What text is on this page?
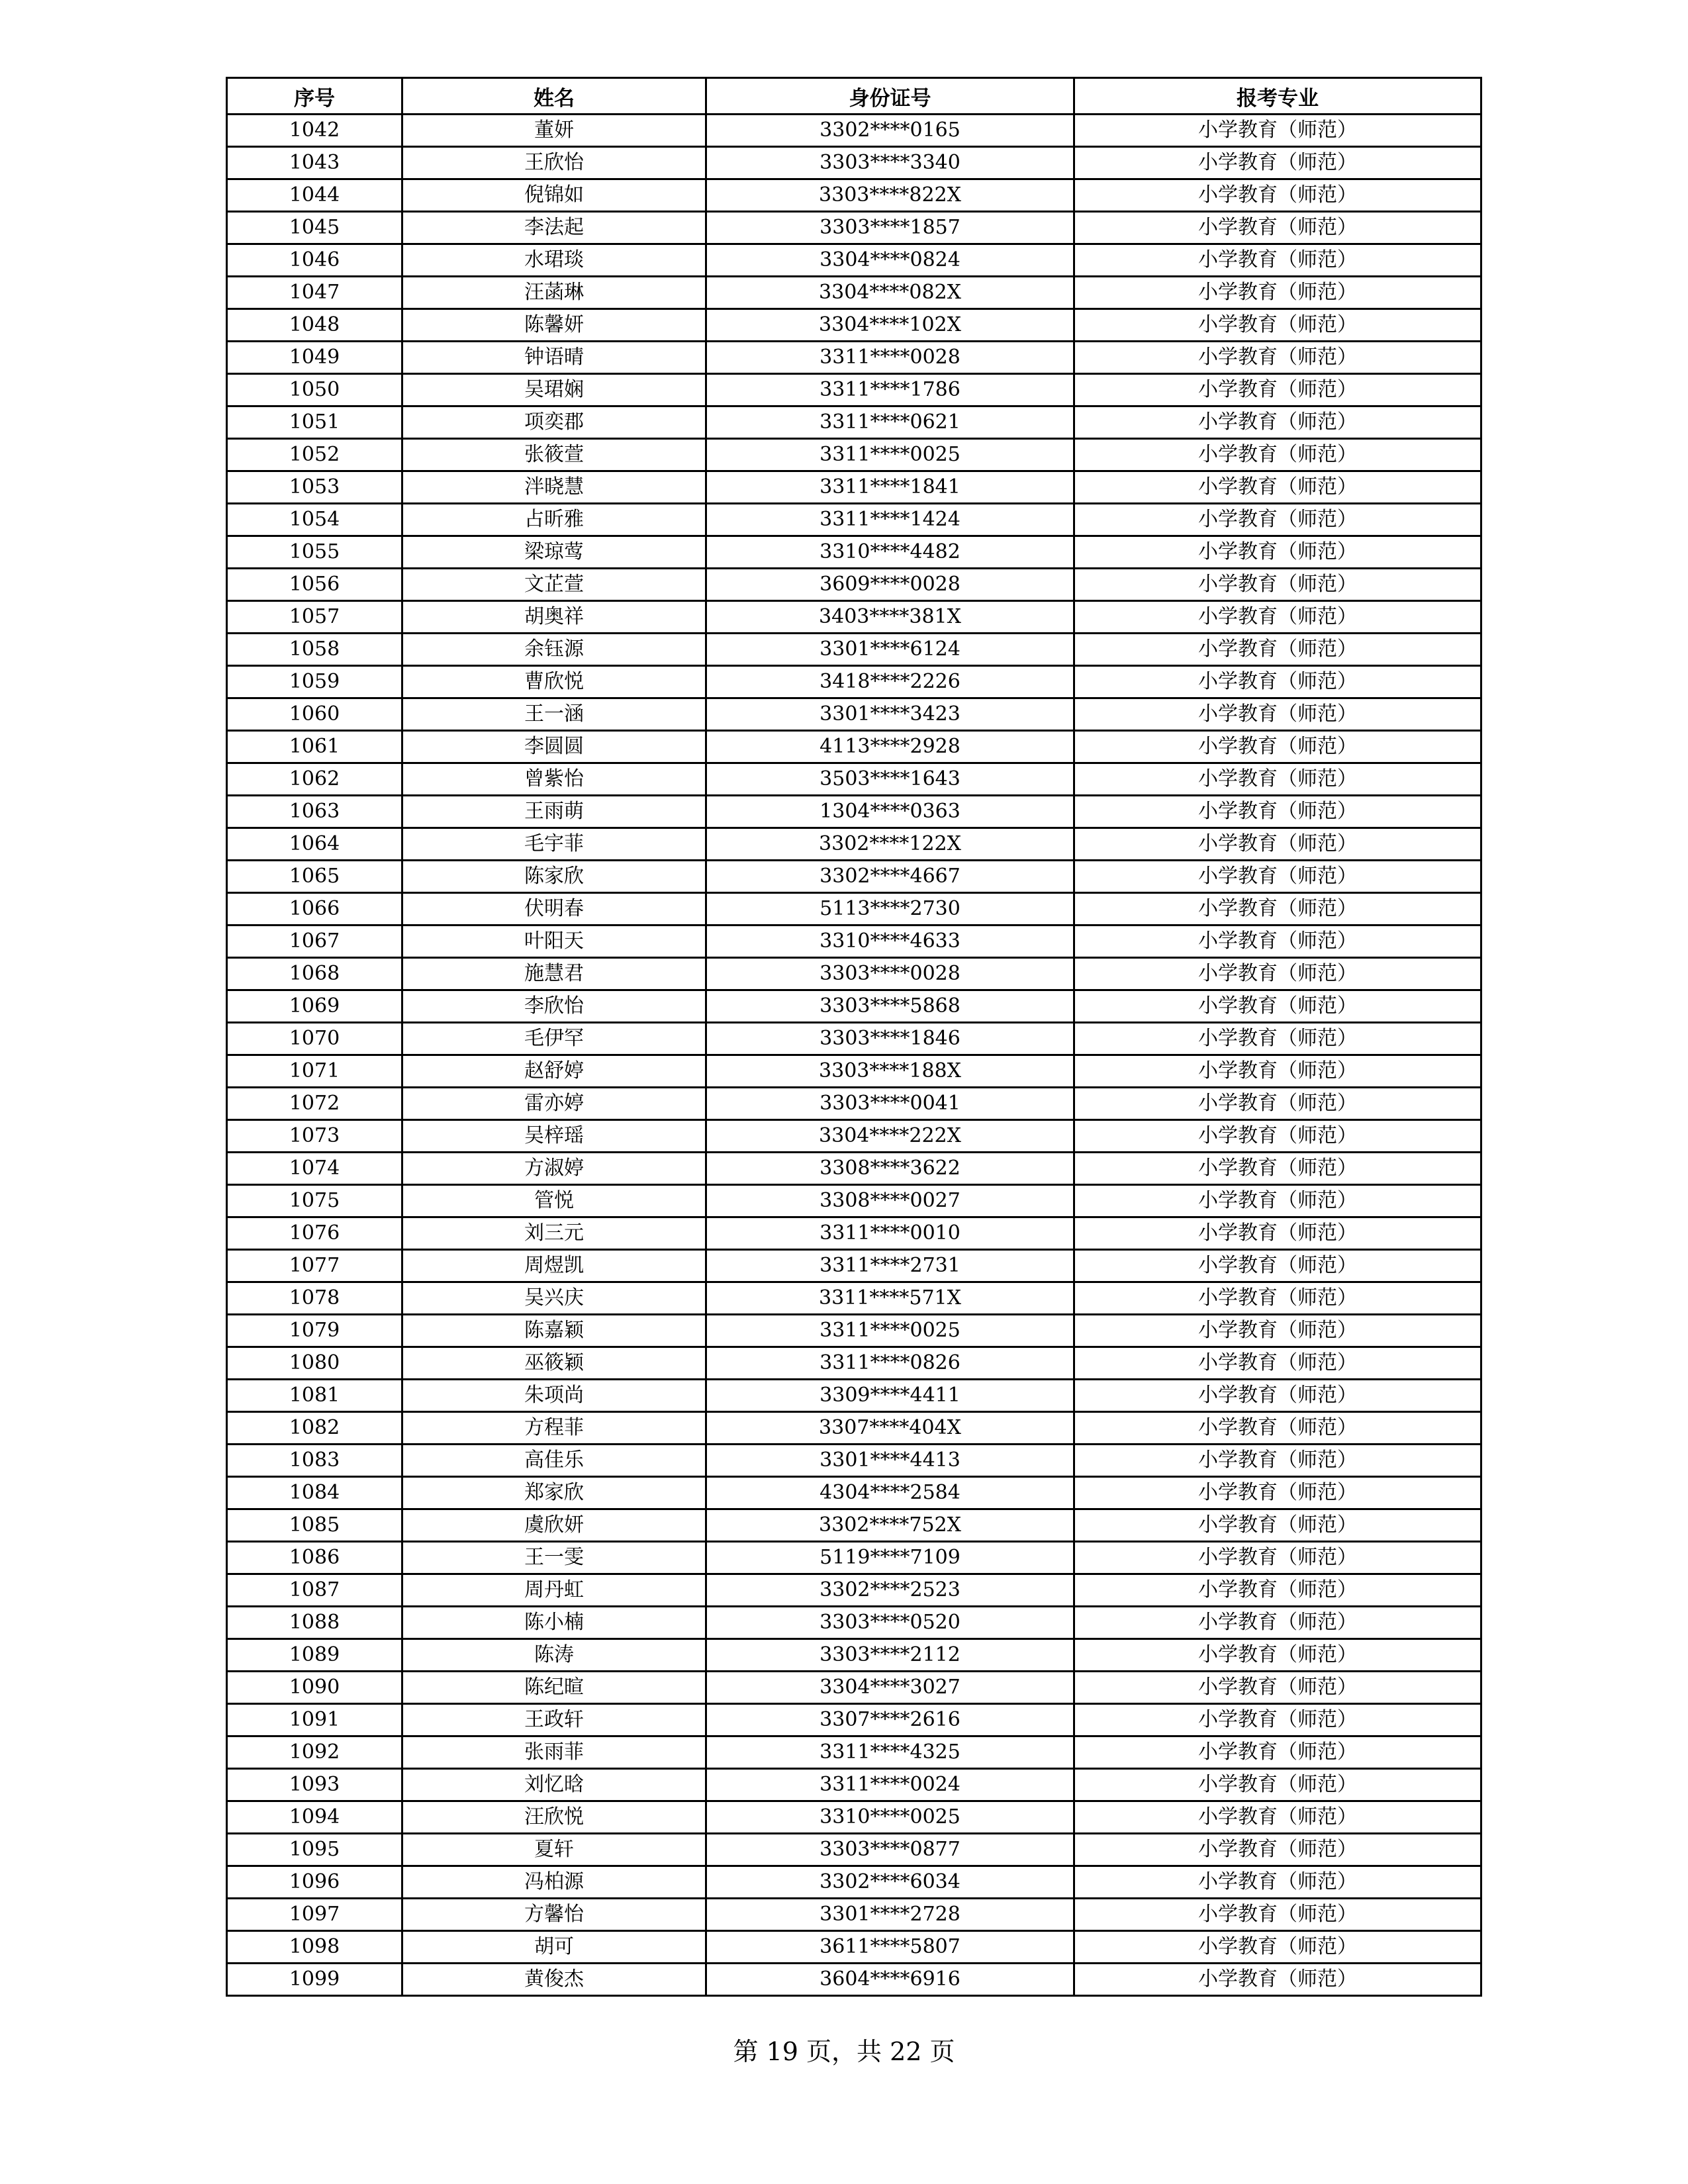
序号	姓名	身份证号	报考专业
1042	董妍	3302****0165	小学教育（师范）
1043	王欣怡	3303****3340	小学教育（师范）
1044	倪锦如	3303****822X	小学教育（师范）
1045	李法起	3303****1857	小学教育（师范）
1046	水珺琰	3304****0824	小学教育（师范）
1047	汪菡琳	3304****082X	小学教育（师范）
1048	陈馨妍	3304****102X	小学教育（师范）
1049	钟语晴	3311****0028	小学教育（师范）
1050	吴珺娴	3311****1786	小学教育（师范）
1051	项奕郡	3311****0621	小学教育（师范）
1052	张筱萱	3311****0025	小学教育（师范）
1053	泮晓慧	3311****1841	小学教育（师范）
1054	占昕雅	3311****1424	小学教育（师范）
1055	梁琼莺	3310****4482	小学教育（师范）
1056	文芷萱	3609****0028	小学教育（师范）
1057	胡奥祥	3403****381X	小学教育（师范）
1058	余钰源	3301****6124	小学教育（师范）
1059	曹欣悦	3418****2226	小学教育（师范）
1060	王一涵	3301****3423	小学教育（师范）
1061	李圆圆	4113****2928	小学教育（师范）
1062	曾紫怡	3503****1643	小学教育（师范）
1063	王雨萌	1304****0363	小学教育（师范）
1064	毛宇菲	3302****122X	小学教育（师范）
1065	陈家欣	3302****4667	小学教育（师范）
1066	伏明春	5113****2730	小学教育（师范）
1067	叶阳天	3310****4633	小学教育（师范）
1068	施慧君	3303****0028	小学教育（师范）
1069	李欣怡	3303****5868	小学教育（师范）
1070	毛伊罕	3303****1846	小学教育（师范）
1071	赵舒婷	3303****188X	小学教育（师范）
1072	雷亦婷	3303****0041	小学教育（师范）
1073	吴梓瑶	3304****222X	小学教育（师范）
1074	方淑婷	3308****3622	小学教育（师范）
1075	管悦	3308****0027	小学教育（师范）
1076	刘三元	3311****0010	小学教育（师范）
1077	周煜凯	3311****2731	小学教育（师范）
1078	吴兴庆	3311****571X	小学教育（师范）
1079	陈嘉颖	3311****0025	小学教育（师范）
1080	巫筱颖	3311****0826	小学教育（师范）
1081	朱项尚	3309****4411	小学教育（师范）
1082	方程菲	3307****404X	小学教育（师范）
1083	高佳乐	3301****4413	小学教育（师范）
1084	郑家欣	4304****2584	小学教育（师范）
1085	虞欣妍	3302****752X	小学教育（师范）
1086	王一雯	5119****7109	小学教育（师范）
1087	周丹虹	3302****2523	小学教育（师范）
1088	陈小楠	3303****0520	小学教育（师范）
1089	陈涛	3303****2112	小学教育（师范）
1090	陈纪暄	3304****3027	小学教育（师范）
1091	王政轩	3307****2616	小学教育（师范）
1092	张雨菲	3311****4325	小学教育（师范）
1093	刘忆晗	3311****0024	小学教育（师范）
1094	汪欣悦	3310****0025	小学教育（师范）
1095	夏轩	3303****0877	小学教育（师范）
1096	冯柏源	3302****6034	小学教育（师范）
1097	方馨怡	3301****2728	小学教育（师范）
1098	胡可	3611****5807	小学教育（师范）
1099	黄俊杰	3604****6916	小学教育（师范）
第 19 页，共 22 页
